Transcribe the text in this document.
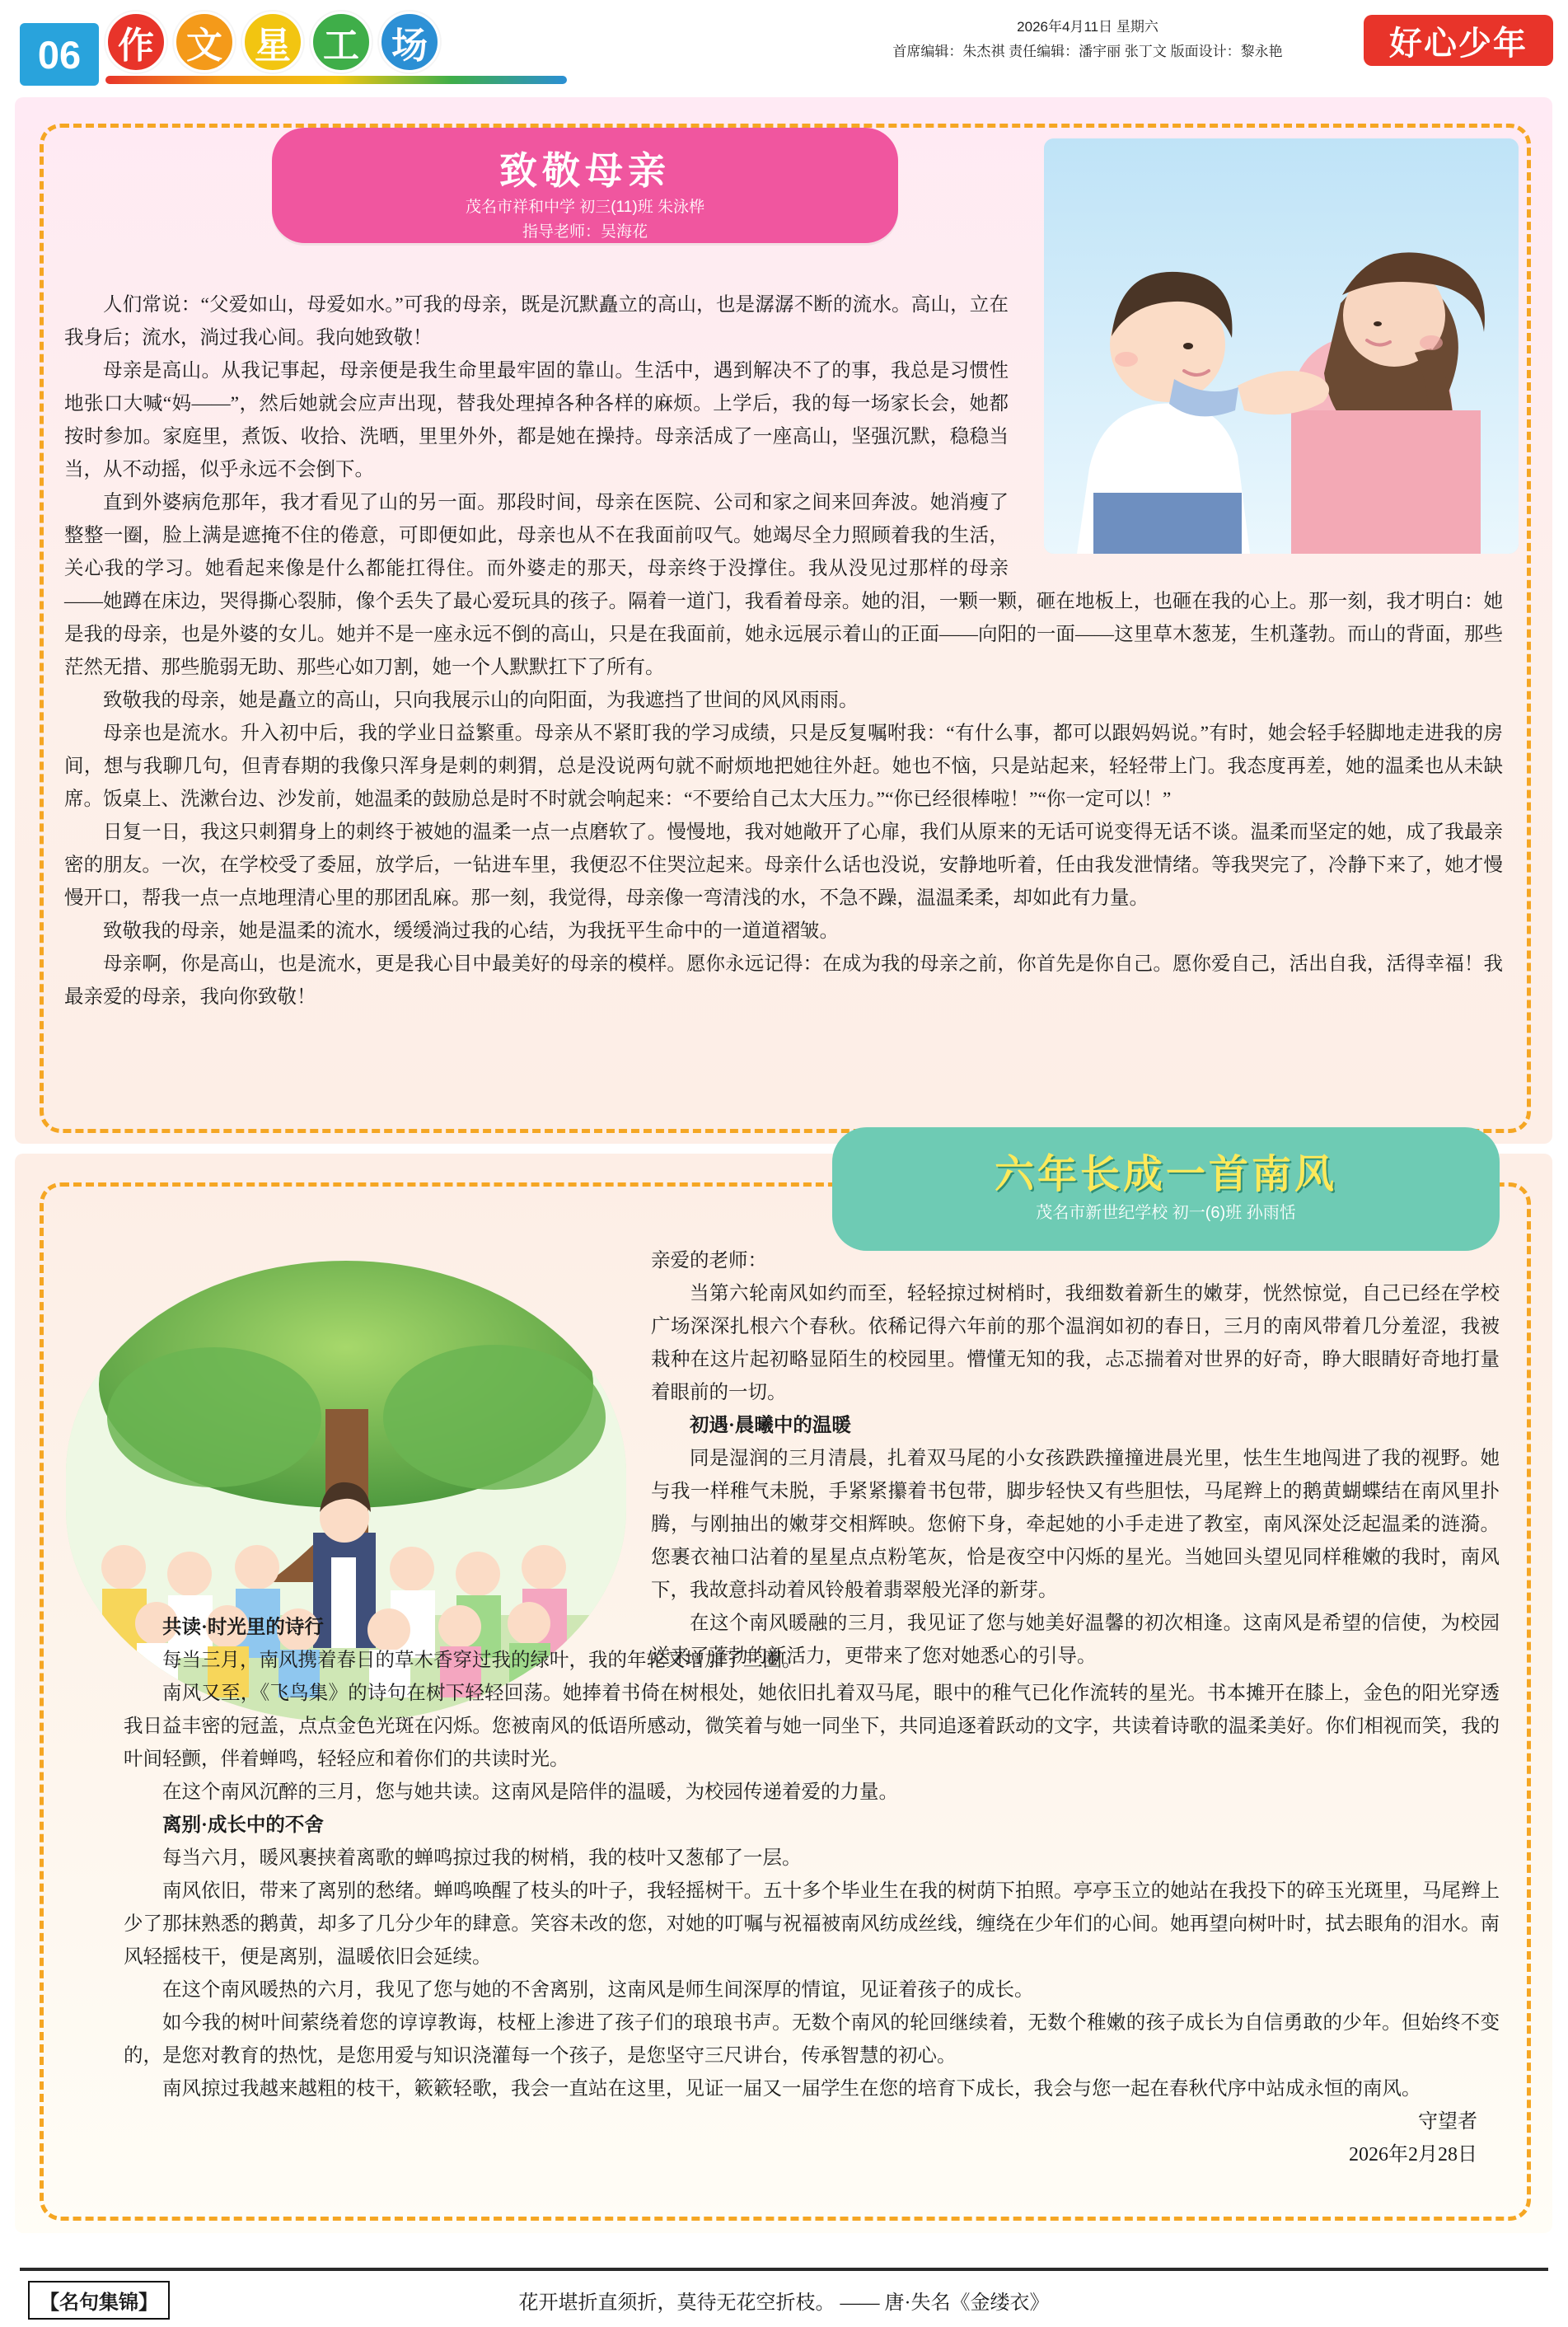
06	作 文 星 工 场	2026年4月11日 星期六
首席编辑：朱杰祺 责任编辑：潘宇丽 张丁文 版面设计：黎永艳	好心少年
致敬母亲
茂名市祥和中学 初三(11)班 朱泳桦
指导老师：吴海花

人们常说：“父爱如山，母爱如水。”可我的母亲，既是沉默矗立的高山，也是潺潺不断的流水。高山，立在我身后；流水，淌过我心间。我向她致敬！

母亲是高山。从我记事起，母亲便是我生命里最牢固的靠山。生活中，遇到解决不了的事，我总是习惯性地张口大喊“妈——”，然后她就会应声出现，替我处理掉各种各样的麻烦。上学后，我的每一场家长会，她都按时参加。家庭里，煮饭、收拾、洗晒，里里外外，都是她在操持。母亲活成了一座高山，坚强沉默，稳稳当当，从不动摇，似乎永远不会倒下。

直到外婆病危那年，我才看见了山的另一面。那段时间，母亲在医院、公司和家之间来回奔波。她消瘦了整整一圈，脸上满是遮掩不住的倦意，可即便如此，母亲也从不在我面前叹气。她竭尽全力照顾着我的生活，关心我的学习。她看起来像是什么都能扛得住。而外婆走的那天，母亲终于没撑住。我从没见过那样的母亲——她蹲在床边，哭得撕心裂肺，像个丢失了最心爱玩具的孩子。隔着一道门，我看着母亲。她的泪，一颗一颗，砸在地板上，也砸在我的心上。那一刻，我才明白：她是我的母亲，也是外婆的女儿。她并不是一座永远不倒的高山，只是在我面前，她永远展示着山的正面——向阳的一面——这里草木葱茏，生机蓬勃。而山的背面，那些茫然无措、那些脆弱无助、那些心如刀割，她一个人默默扛下了所有。

致敬我的母亲，她是矗立的高山，只向我展示山的向阳面，为我遮挡了世间的风风雨雨。

母亲也是流水。升入初中后，我的学业日益繁重。母亲从不紧盯我的学习成绩，只是反复嘱咐我：“有什么事，都可以跟妈妈说。”有时，她会轻手轻脚地走进我的房间，想与我聊几句，但青春期的我像只浑身是刺的刺猬，总是没说两句就不耐烦地把她往外赶。她也不恼，只是站起来，轻轻带上门。我态度再差，她的温柔也从未缺席。饭桌上、洗漱台边、沙发前，她温柔的鼓励总是时不时就会响起来：“不要给自己太大压力。”“你已经很棒啦！”“你一定可以！”

日复一日，我这只刺猬身上的刺终于被她的温柔一点一点磨软了。慢慢地，我对她敞开了心扉，我们从原来的无话可说变得无话不谈。温柔而坚定的她，成了我最亲密的朋友。一次，在学校受了委屈，放学后，一钻进车里，我便忍不住哭泣起来。母亲什么话也没说，安静地听着，任由我发泄情绪。等我哭完了，冷静下来了，她才慢慢开口，帮我一点一点地理清心里的那团乱麻。那一刻，我觉得，母亲像一弯清浅的水，不急不躁，温温柔柔，却如此有力量。

致敬我的母亲，她是温柔的流水，缓缓淌过我的心结，为我抚平生命中的一道道褶皱。

母亲啊，你是高山，也是流水，更是我心目中最美好的母亲的模样。愿你永远记得：在成为我的母亲之前，你首先是你自己。愿你爱自己，活出自我，活得幸福！我最亲爱的母亲，我向你致敬！

六年长成一首南风
茂名市新世纪学校 初一(6)班 孙雨恬

亲爱的老师：

当第六轮南风如约而至，轻轻掠过树梢时，我细数着新生的嫩芽，恍然惊觉，自己已经在学校广场深深扎根六个春秋。依稀记得六年前的那个温润如初的春日，三月的南风带着几分羞涩，我被栽种在这片起初略显陌生的校园里。懵懂无知的我，忐忑揣着对世界的好奇，睁大眼睛好奇地打量着眼前的一切。

初遇·晨曦中的温暖

同是湿润的三月清晨，扎着双马尾的小女孩跌跌撞撞进晨光里，怯生生地闯进了我的视野。她与我一样稚气未脱，手紧紧攥着书包带，脚步轻快又有些胆怯，马尾辫上的鹅黄蝴蝶结在南风里扑腾，与刚抽出的嫩芽交相辉映。您俯下身，牵起她的小手走进了教室，南风深处泛起温柔的涟漪。您裹衣袖口沾着的星星点点粉笔灰，恰是夜空中闪烁的星光。当她回头望见同样稚嫩的我时，南风下，我故意抖动着风铃般着翡翠般光泽的新芽。

在这个南风暖融的三月，我见证了您与她美好温馨的初次相逢。这南风是希望的信使，为校园送来了蓬勃的新活力，更带来了您对她悉心的引导。

共读·时光里的诗行

每当三月，南风携着春日的草木香穿过我的绿叶，我的年轮又增加了三圈。

南风又至，《飞鸟集》的诗句在树下轻轻回荡。她捧着书倚在树根处，她依旧扎着双马尾，眼中的稚气已化作流转的星光。书本摊开在膝上，金色的阳光穿透我日益丰密的冠盖，点点金色光斑在闪烁。您被南风的低语所感动，微笑着与她一同坐下，共同追逐着跃动的文字，共读着诗歌的温柔美好。你们相视而笑，我的叶间轻颤，伴着蝉鸣，轻轻应和着你们的共读时光。

在这个南风沉醉的三月，您与她共读。这南风是陪伴的温暖，为校园传递着爱的力量。

离别·成长中的不舍

每当六月，暖风裹挟着离歌的蝉鸣掠过我的树梢，我的枝叶又葱郁了一层。

南风依旧，带来了离别的愁绪。蝉鸣唤醒了枝头的叶子，我轻摇树干。五十多个毕业生在我的树荫下拍照。亭亭玉立的她站在我投下的碎玉光斑里，马尾辫上少了那抹熟悉的鹅黄，却多了几分少年的肆意。笑容未改的您，对她的叮嘱与祝福被南风纺成丝线，缠绕在少年们的心间。她再望向树叶时，拭去眼角的泪水。南风轻摇枝干，便是离别，温暖依旧会延续。

在这个南风暖热的六月，我见了您与她的不舍离别，这南风是师生间深厚的情谊，见证着孩子的成长。

如今我的树叶间萦绕着您的谆谆教诲，枝桠上渗进了孩子们的琅琅书声。无数个南风的轮回继续着，无数个稚嫩的孩子成长为自信勇敢的少年。但始终不变的，是您对教育的热忱，是您用爱与知识浇灌每一个孩子，是您坚守三尺讲台，传承智慧的初心。

南风掠过我越来越粗的枝干，簌簌轻歌，我会一直站在这里，见证一届又一届学生在您的培育下成长，我会与您一起在春秋代序中站成永恒的南风。

守望者
2026年2月28日
【名句集锦】	花开堪折直须折，莫待无花空折枝。 —— 唐·失名《金缕衣》
